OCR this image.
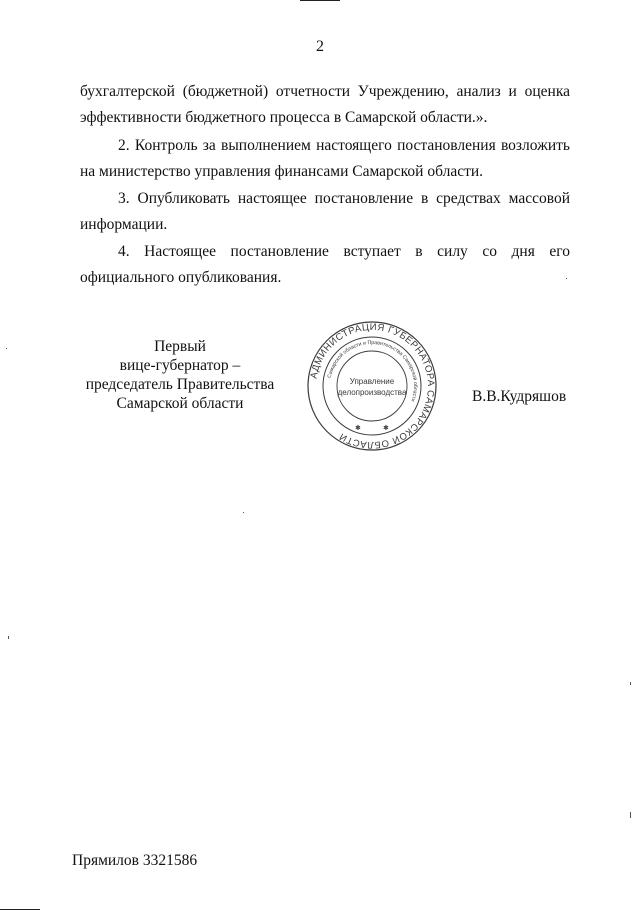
2
бухгалтерской (бюджетной) отчетности Учреждению, анализ и оценка
эффективности бюджетного процесса в Самарской области.».
2. Контроль за выполнением настоящего постановления возложить
на министерство управления финансами Самарской области.
3. Опубликовать настоящее постановление в средствах массовой
информации.
4. Настоящее постановление вступает в силу со дня его
официального опубликования.
Первый
вице-губернатор –
председатель Правительства
Самарской области
АДМИНИСТРАЦИЯ ГУБЕРНАТОРА САМАРСКОЙ ОБЛАСТИ
Самарской области и Правительства Самарской области
Управление
делопроизводства
✱	✱
В.В.Кудряшов
Прямилов 3321586
